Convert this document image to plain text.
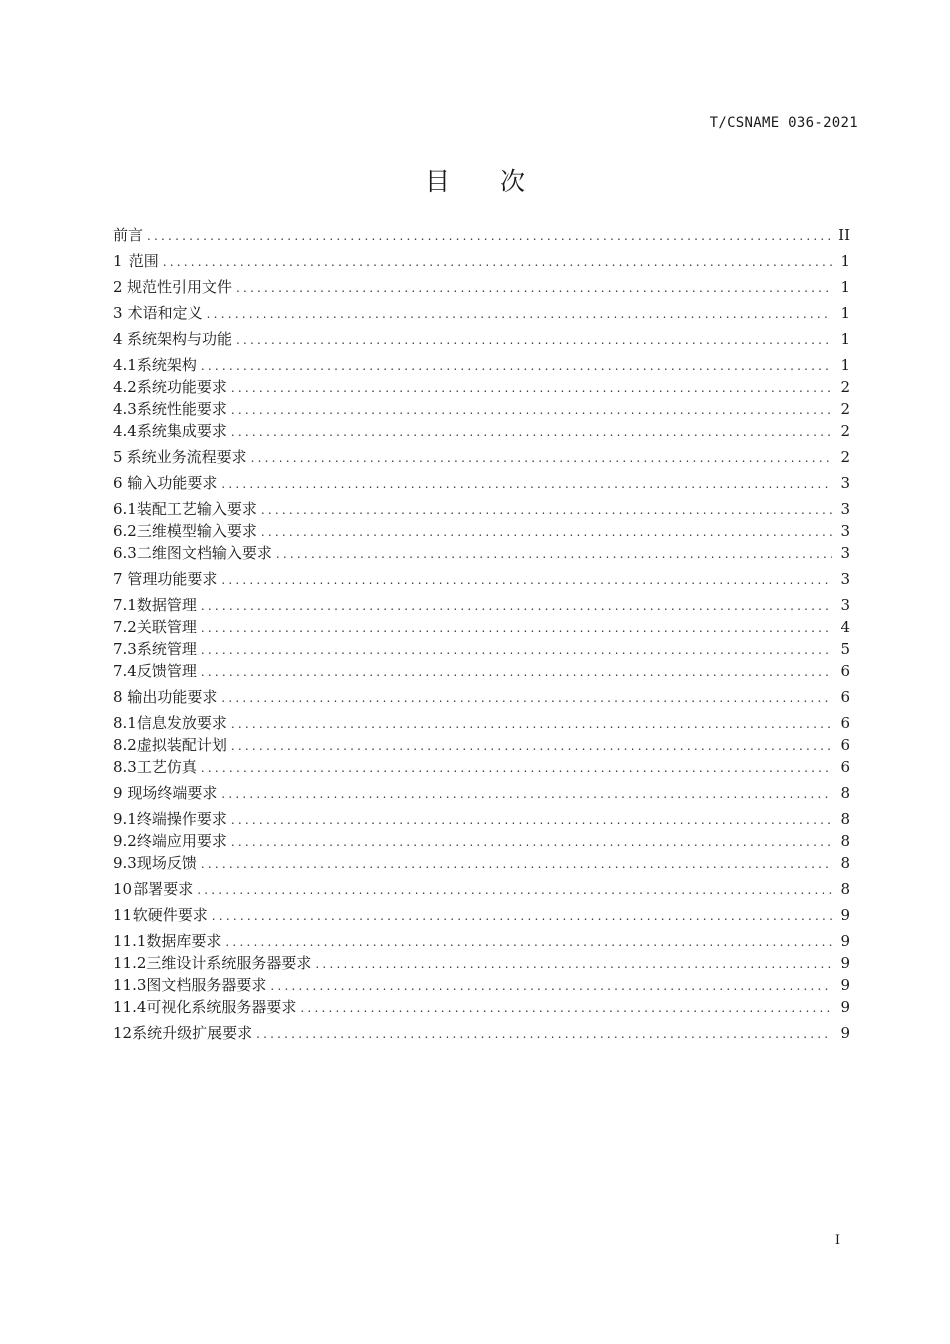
T/CSNAME 036-2021
目 次
前言 .....	II
1 范围 .....	1
2 规范性引用文件 .....	1
3 术语和定义 .....	1
4 系统架构与功能 .....	1
4.1 系统架构 .....	1
4.2 系统功能要求 .....	2
4.3 系统性能要求 .....	2
4.4 系统集成要求 .....	2
5 系统业务流程要求 .....	2
6 输入功能要求 .....	3
6.1 装配工艺输入要求 .....	3
6.2 三维模型输入要求 .....	3
6.3 二维图文档输入要求 .....	3
7 管理功能要求 .....	3
7.1 数据管理 .....	3
7.2 关联管理 .....	4
7.3 系统管理 .....	5
7.4 反馈管理 .....	6
8 输出功能要求 .....	6
8.1 信息发放要求 .....	6
8.2 虚拟装配计划 .....	6
8.3 工艺仿真 .....	6
9 现场终端要求 .....	8
9.1 终端操作要求 .....	8
9.2 终端应用要求 .....	8
9.3 现场反馈 .....	8
10 部署要求 .....	8
11 软硬件要求 .....	9
11.1 数据库要求 .....	9
11.2 三维设计系统服务器要求 .....	9
11.3 图文档服务器要求 .....	9
11.4 可视化系统服务器要求 .....	9
12 系统升级扩展要求 .....	9
I
